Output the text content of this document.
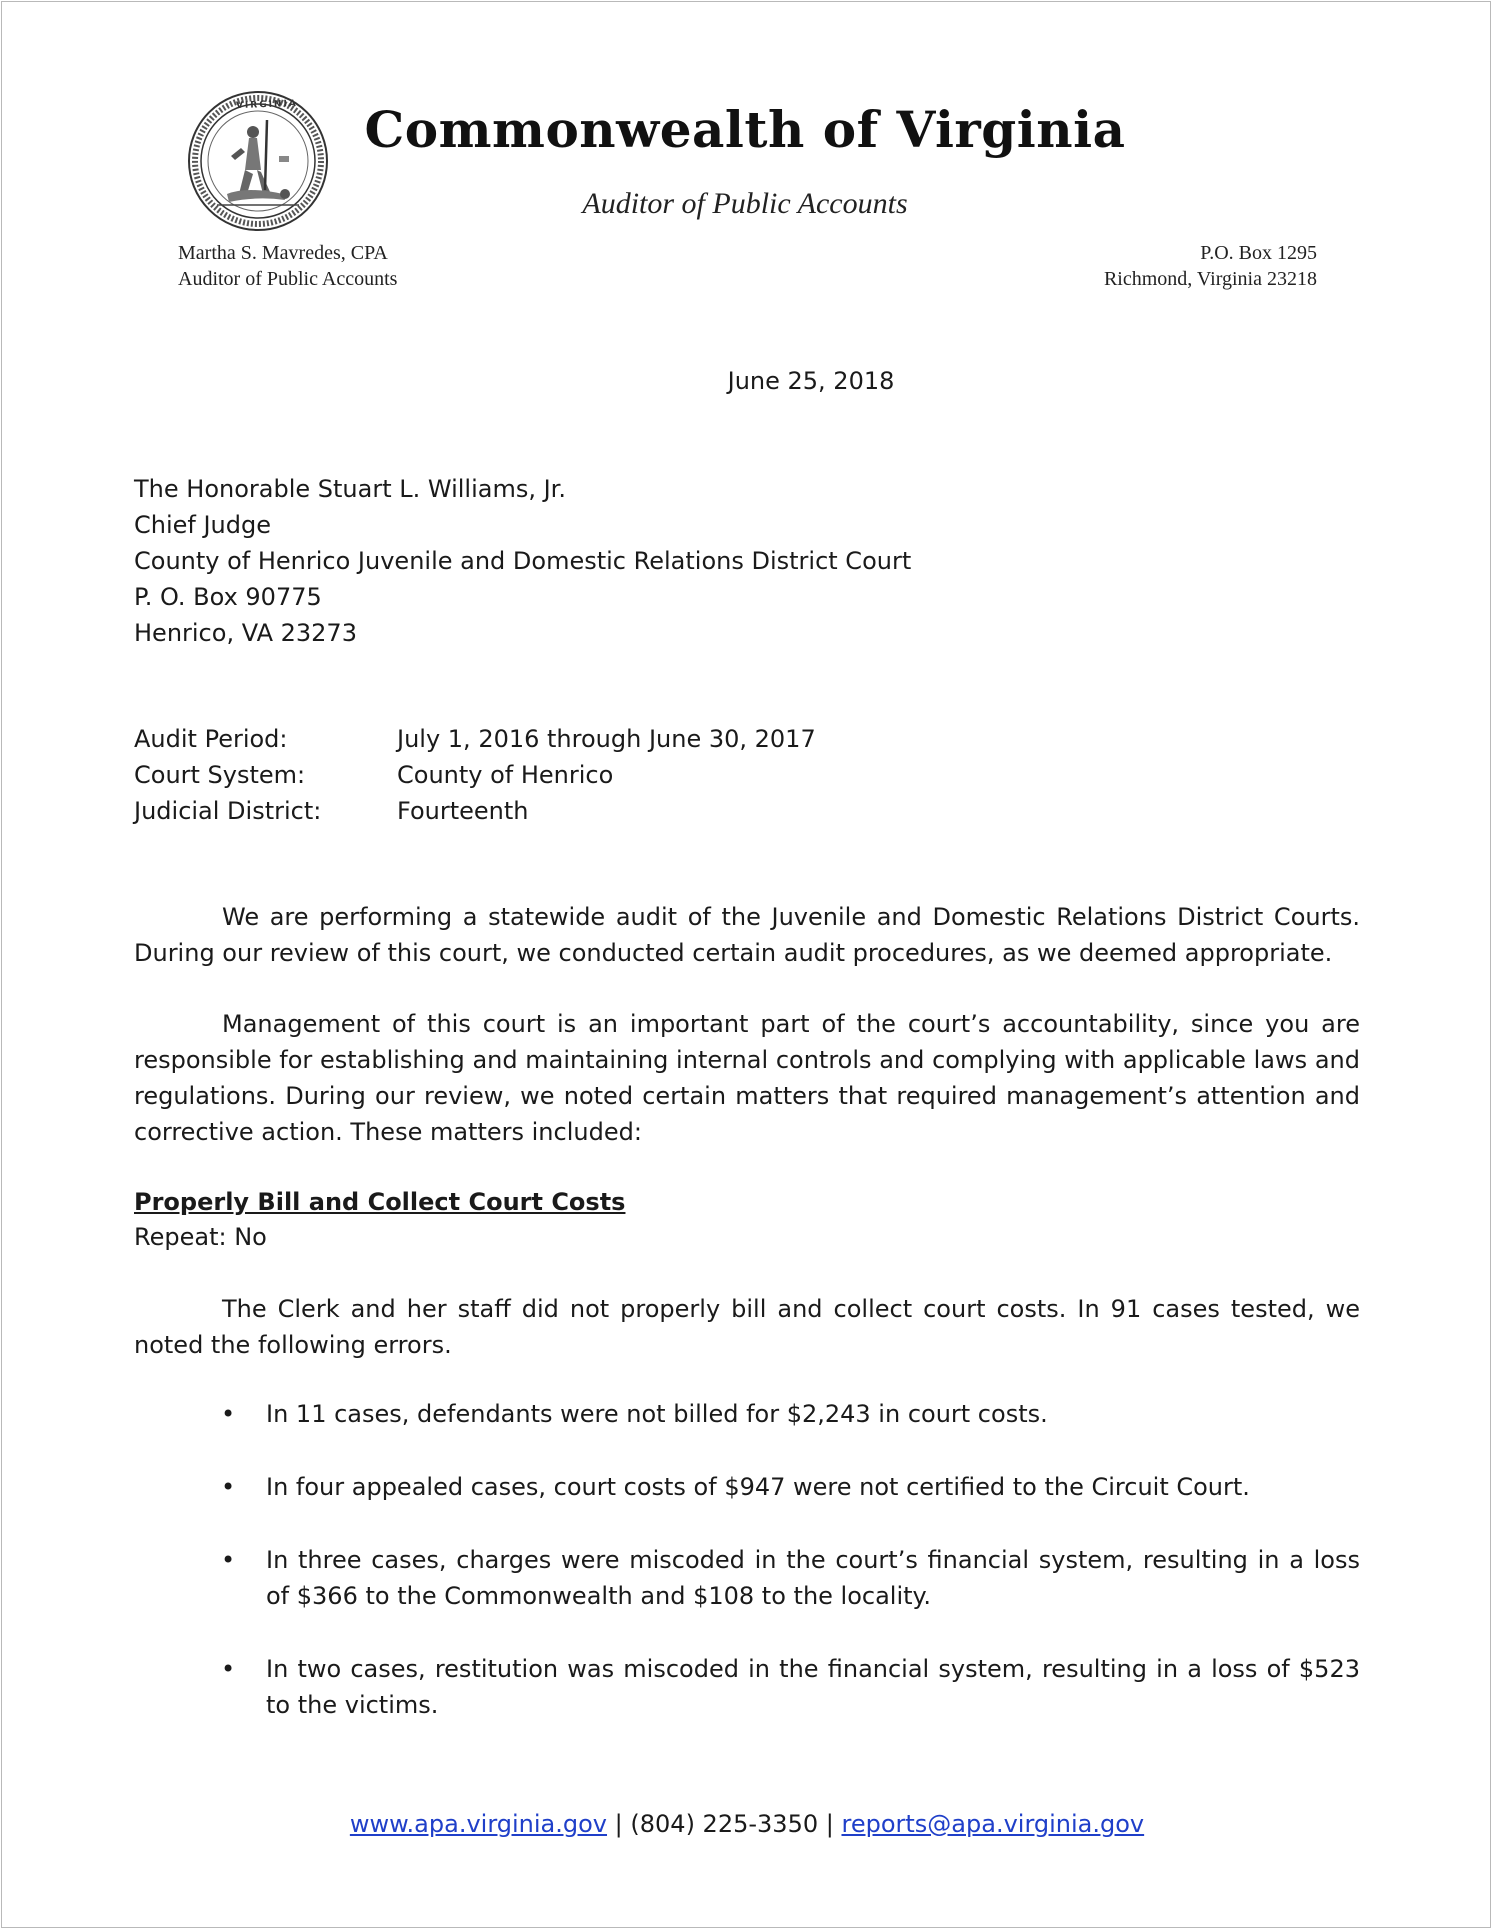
VIRGINIA	Commonwealth of Virginia
Auditor of Public Accounts
Martha S. Mavredes, CPA
Auditor of Public Accounts
P.O. Box 1295
Richmond, Virginia 23218
June 25, 2018
The Honorable Stuart L. Williams, Jr.
Chief Judge
County of Henrico Juvenile and Domestic Relations District Court
P. O. Box 90775
Henrico, VA 23273
Audit Period:	July 1, 2016 through June 30, 2017
Court System:	County of Henrico
Judicial District:	Fourteenth
We are performing a statewide audit of the Juvenile and Domestic Relations District Courts. During our review of this court, we conducted certain audit procedures, as we deemed appropriate.
Management of this court is an important part of the court’s accountability, since you are responsible for establishing and maintaining internal controls and complying with applicable laws and regulations. During our review, we noted certain matters that required management’s attention and corrective action. These matters included:
Properly Bill and Collect Court Costs
Repeat: No
The Clerk and her staff did not properly bill and collect court costs. In 91 cases tested, we noted the following errors.
• In 11 cases, defendants were not billed for $2,243 in court costs.
• In four appealed cases, court costs of $947 were not certified to the Circuit Court.
• In three cases, charges were miscoded in the court’s financial system, resulting in a loss of $366 to the Commonwealth and $108 to the locality.
• In two cases, restitution was miscoded in the financial system, resulting in a loss of $523 to the victims.
www.apa.virginia.gov | (804) 225-3350 | reports@apa.virginia.gov
